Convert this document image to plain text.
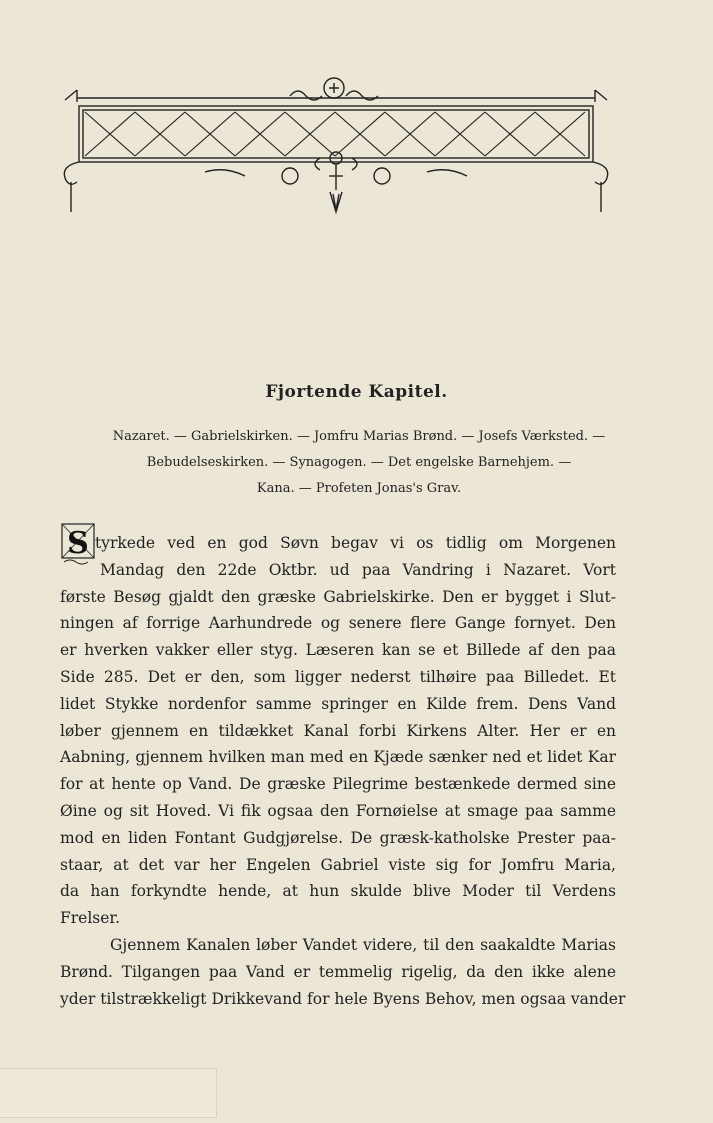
Fjortende Kapitel.
Nazaret. — Gabrielskirken. — Jomfru Marias Brønd. — Josefs Værksted. —
Bebudelseskirken. — Synagogen. — Det engelske Barnehjem. —
Kana. — Profeten Jonas's Grav.
S tyrkede ved en god Søvn begav vi os tidlig om Morgenen
Mandag den 22de Oktbr. ud paa Vandring i Nazaret. Vort
første Besøg gjaldt den græske Gabrielskirke. Den er bygget i Slut-
ningen af forrige Aarhundrede og senere flere Gange fornyet. Den
er hverken vakker eller styg. Læseren kan se et Billede af den paa
Side 285. Det er den, som ligger nederst tilhøire paa Billedet. Et
lidet Stykke nordenfor samme springer en Kilde frem. Dens Vand
løber gjennem en tildækket Kanal forbi Kirkens Alter. Her er en
Aabning, gjennem hvilken man med en Kjæde sænker ned et lidet Kar
for at hente op Vand. De græske Pilegrime bestænkede dermed sine
Øine og sit Hoved. Vi fik ogsaa den Fornøielse at smage paa samme
mod en liden Fontant Gudgjørelse. De græsk-katholske Prester paa-
staar, at det var her Engelen Gabriel viste sig for Jomfru Maria,
da han forkyndte hende, at hun skulde blive Moder til Verdens
Frelser.
Gjennem Kanalen løber Vandet videre, til den saakaldte Marias
Brønd. Tilgangen paa Vand er temmelig rigelig, da den ikke alene
yder tilstrækkeligt Drikkevand for hele Byens Behov, men ogsaa vander
